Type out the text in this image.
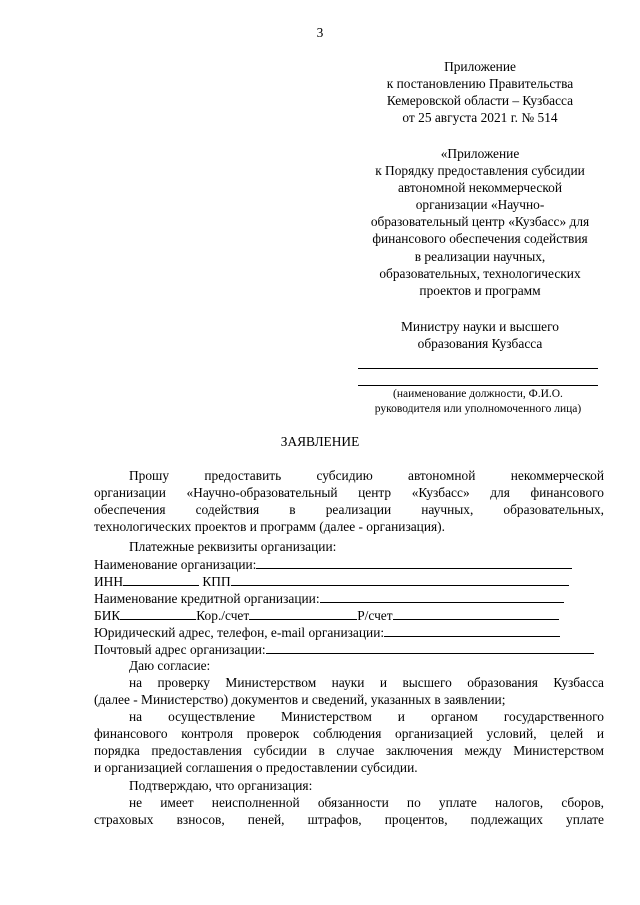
3
Приложение
к постановлению Правительства
Кемеровской области – Кузбасса
от 25 августа 2021 г. № 514
«Приложение
к Порядку предоставления субсидии
автономной некоммерческой
организации «Научно-
образовательный центр «Кузбасс» для
финансового обеспечения содействия
в реализации научных,
образовательных, технологических
проектов и программ
Министру науки и высшего
образования Кузбасса
(наименование должности, Ф.И.О.
руководителя или уполномоченного лица)
ЗАЯВЛЕНИЕ
Прошу предоставить субсидию автономной некоммерческой
организации «Научно-образовательный центр «Кузбасс» для финансового
обеспечения содействия в реализации научных, образовательных,
технологических проектов и программ (далее - организация).
Платежные реквизиты организации:
Наименование организации:
ИНН	КПП
Наименование кредитной организации:
БИК	Кор./счет	Р/счет
Юридический адрес, телефон, e-mail организации:
Почтовый адрес организации:
Даю согласие:
на проверку Министерством науки и высшего образования Кузбасса
(далее - Министерство) документов и сведений, указанных в заявлении;
на осуществление Министерством и органом государственного
финансового контроля проверок соблюдения организацией условий, целей и
порядка предоставления субсидии в случае заключения между Министерством
и организацией соглашения о предоставлении субсидии.
Подтверждаю, что организация:
не имеет неисполненной обязанности по уплате налогов, сборов,
страховых взносов, пеней, штрафов, процентов, подлежащих уплате
